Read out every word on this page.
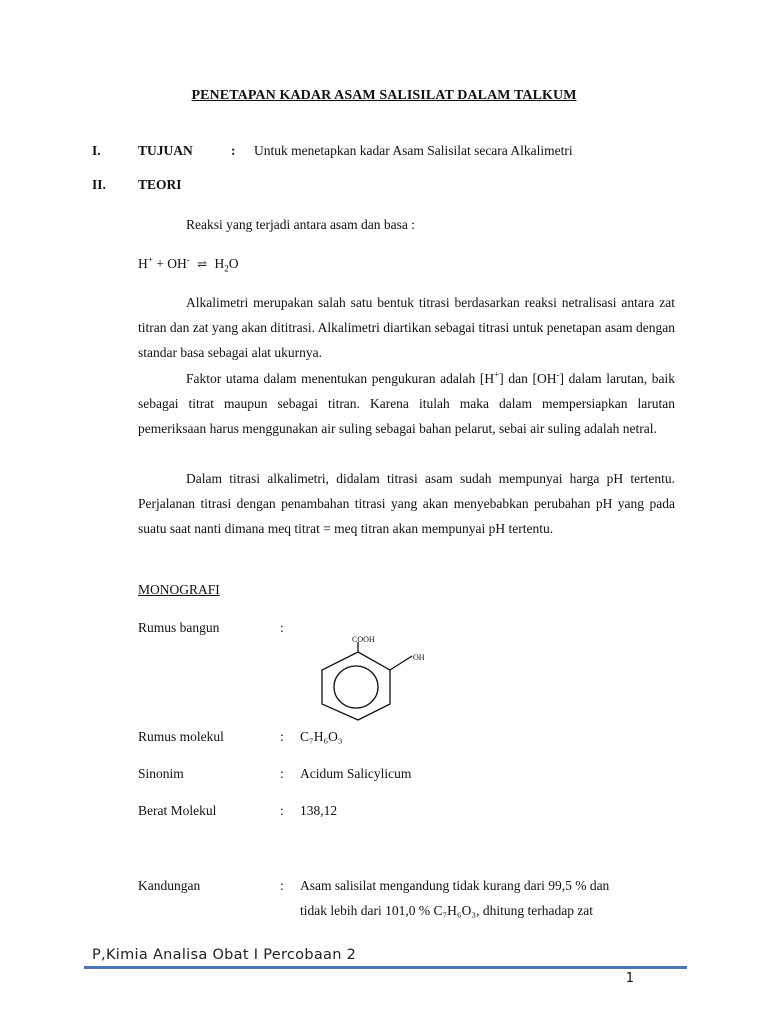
PENETAPAN KADAR ASAM SALISILAT DALAM TALKUM
I.	TUJUAN	: Untuk menetapkan kadar Asam Salisilat secara Alkalimetri
II. TEORI
Reaksi yang terjadi antara asam dan basa :
H+ + OH- ⇌ $H_2O$

Alkalimetri merupakan salah satu bentuk titrasi berdasarkan reaksi netralisasi antara zat titran dan zat yang akan dititrasi. Alkalimetri diartikan sebagai titrasi untuk penetapan asam dengan standar basa sebagai alat ukurnya.

Faktor utama dalam menentukan pengukuran adalah [H+] dan [OH-] dalam larutan, baik sebagai titrat maupun sebagai titran. Karena itulah maka dalam mempersiapkan larutan pemeriksaan harus menggunakan air suling sebagai bahan pelarut, sebai air suling adalah netral.

Dalam titrasi alkalimetri, didalam titrasi asam sudah mempunyai harga pH tertentu. Perjalanan titrasi dengan penambahan titrasi yang akan menyebabkan perubahan pH yang pada suatu saat nanti dimana meq titrat = meq titran akan mempunyai pH tertentu.

MONOGRAFI
Rumus bangun	:
COOH
OH
Rumus molekul	: C₇H₆O₃
Sinonim	: Acidum Salicylicum
Berat Molekul	: 138,12
Kandungan	: Asam salisilat mengandung tidak kurang dari 99,5 % dan
tidak lebih dari 101,0 % C₇H₆O₃, dhitung terhadap zat
P,Kimia Analisa Obat I Percobaan 2
1
